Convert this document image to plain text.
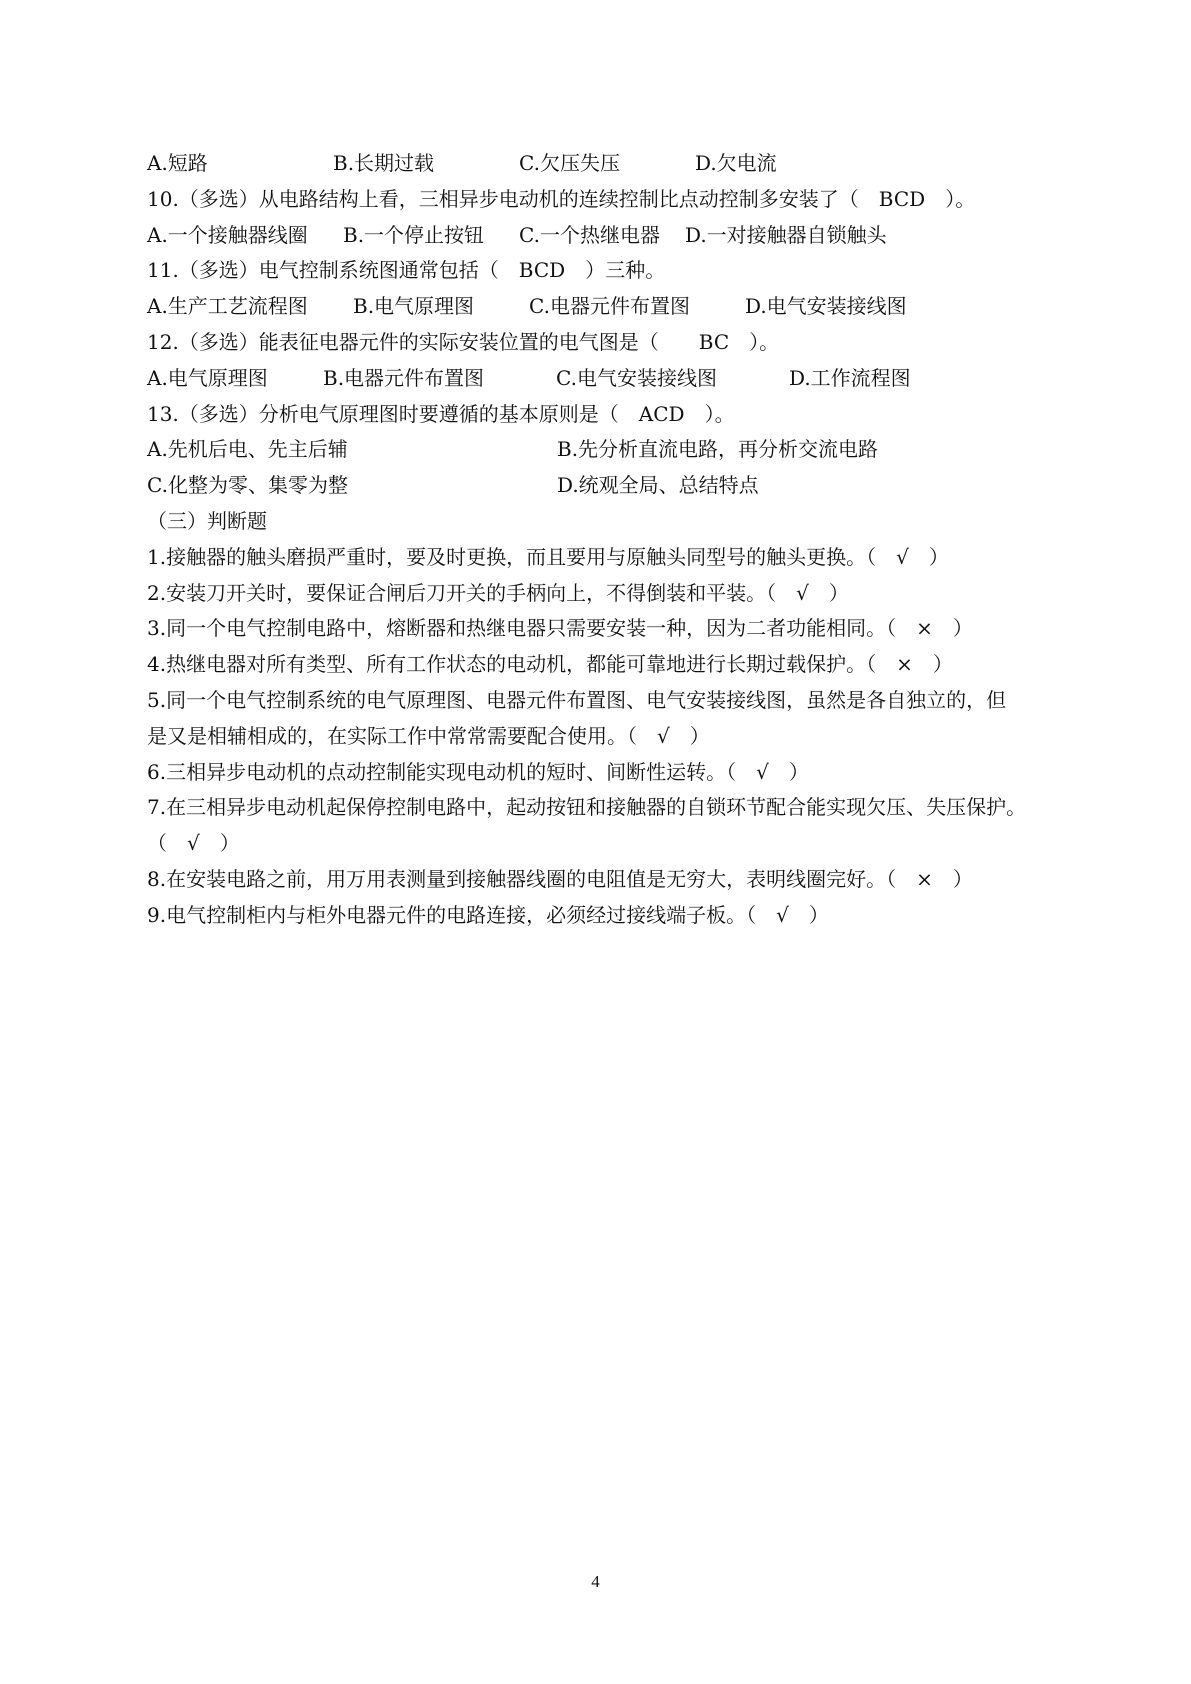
A.短路	B.长期过载	C.欠压失压	D.欠电流
10.（多选）从电路结构上看，三相异步电动机的连续控制比点动控制多安装了（　BCD　）。
A.一个接触器线圈 B.一个停止按钮 C.一个热继电器 D.一对接触器自锁触头
11.（多选）电气控制系统图通常包括（　BCD　）三种。
A.生产工艺流程图 B.电气原理图	C.电器元件布置图	D.电气安装接线图
12.（多选）能表征电器元件的实际安装位置的电气图是（　　BC　）。
A.电气原理图	B.电器元件布置图	C.电气安装接线图	D.工作流程图
13.（多选）分析电气原理图时要遵循的基本原则是（　ACD　）。
A.先机后电、先主后辅	B.先分析直流电路，再分析交流电路
C.化整为零、集零为整	D.统观全局、总结特点
（三）判断题
1.接触器的触头磨损严重时，要及时更换，而且要用与原触头同型号的触头更换。（　√　）
2.安装刀开关时，要保证合闸后刀开关的手柄向上，不得倒装和平装。（　√　）
3.同一个电气控制电路中，熔断器和热继电器只需要安装一种，因为二者功能相同。（　×　）
4.热继电器对所有类型、所有工作状态的电动机，都能可靠地进行长期过载保护。（　×　）
5.同一个电气控制系统的电气原理图、电器元件布置图、电气安装接线图，虽然是各自独立的，但
是又是相辅相成的，在实际工作中常常需要配合使用。（　√　）
6.三相异步电动机的点动控制能实现电动机的短时、间断性运转。（　√　）
7.在三相异步电动机起保停控制电路中，起动按钮和接触器的自锁环节配合能实现欠压、失压保护。
（　√　）
8.在安装电路之前，用万用表测量到接触器线圈的电阻值是无穷大，表明线圈完好。（　×　）
9.电气控制柜内与柜外电器元件的电路连接，必须经过接线端子板。（　√　）
4
